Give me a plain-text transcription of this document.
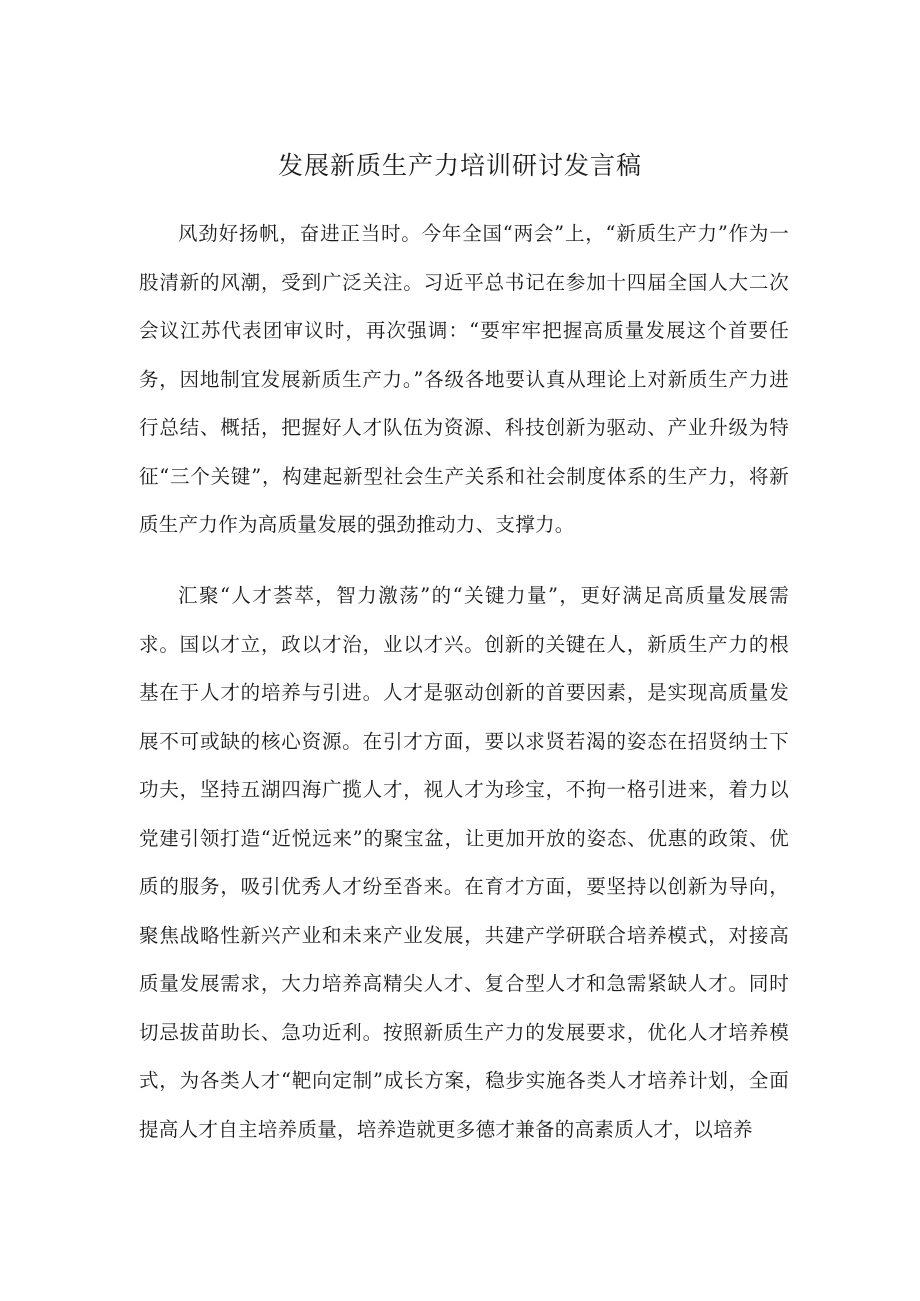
发展新质生产力培训研讨发言稿

风劲好扬帆，奋进正当时。今年全国“两会”上，“新质生产力”作为一股清新的风潮，受到广泛关注。习近平总书记在参加十四届全国人大二次会议江苏代表团审议时，再次强调：“要牢牢把握高质量发展这个首要任务，因地制宜发展新质生产力。”各级各地要认真从理论上对新质生产力进行总结、概括，把握好人才队伍为资源、科技创新为驱动、产业升级为特征“三个关键”，构建起新型社会生产关系和社会制度体系的生产力，将新质生产力作为高质量发展的强劲推动力、支撑力。

汇聚“人才荟萃，智力激荡”的“关键力量”，更好满足高质量发展需求。国以才立，政以才治，业以才兴。创新的关键在人，新质生产力的根基在于人才的培养与引进。人才是驱动创新的首要因素，是实现高质量发展不可或缺的核心资源。在引才方面，要以求贤若渴的姿态在招贤纳士下功夫，坚持五湖四海广揽人才，视人才为珍宝，不拘一格引进来，着力以党建引领打造“近悦远来”的聚宝盆，让更加开放的姿态、优惠的政策、优质的服务，吸引优秀人才纷至沓来。在育才方面，要坚持以创新为导向，聚焦战略性新兴产业和未来产业发展，共建产学研联合培养模式，对接高质量发展需求，大力培养高精尖人才、复合型人才和急需紧缺人才。同时切忌拔苗助长、急功近利。按照新质生产力的发展要求，优化人才培养模式，为各类人才“靶向定制”成长方案，稳步实施各类人才培养计划，全面提高人才自主培养质量，培养造就更多德才兼备的高素质人才，以培养
